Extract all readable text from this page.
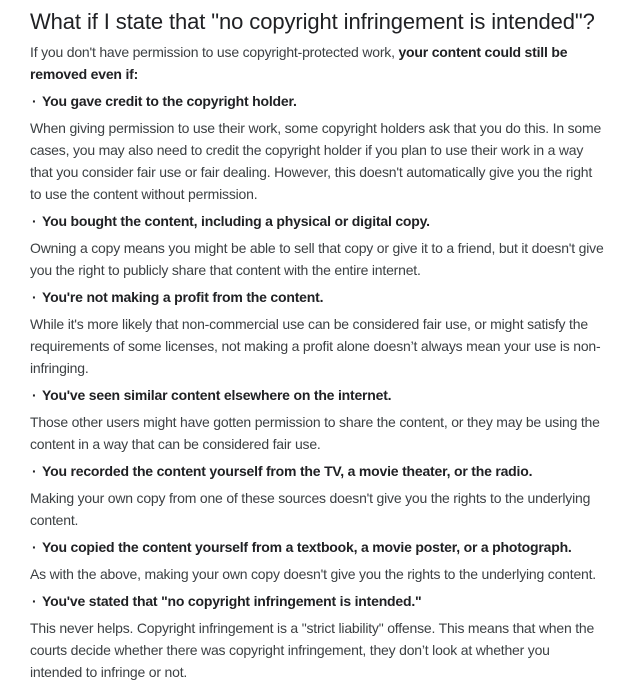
What if I state that "no copyright infringement is intended"?

If you don't have permission to use copyright-protected work, your content could still be removed even if:

· You gave credit to the copyright holder.

When giving permission to use their work, some copyright holders ask that you do this. In some cases, you may also need to credit the copyright holder if you plan to use their work in a way that you consider fair use or fair dealing. However, this doesn't automatically give you the right to use the content without permission.

· You bought the content, including a physical or digital copy.

Owning a copy means you might be able to sell that copy or give it to a friend, but it doesn't give you the right to publicly share that content with the entire internet.

· You're not making a profit from the content.

While it's more likely that non-commercial use can be considered fair use, or might satisfy the requirements of some licenses, not making a profit alone doesn’t always mean your use is non-infringing.

· You've seen similar content elsewhere on the internet.

Those other users might have gotten permission to share the content, or they may be using the content in a way that can be considered fair use.

· You recorded the content yourself from the TV, a movie theater, or the radio.

Making your own copy from one of these sources doesn't give you the rights to the underlying content.

· You copied the content yourself from a textbook, a movie poster, or a photograph.

As with the above, making your own copy doesn't give you the rights to the underlying content.

· You've stated that "no copyright infringement is intended."

This never helps. Copyright infringement is a "strict liability" offense. This means that when the courts decide whether there was copyright infringement, they don’t look at whether you intended to infringe or not.
